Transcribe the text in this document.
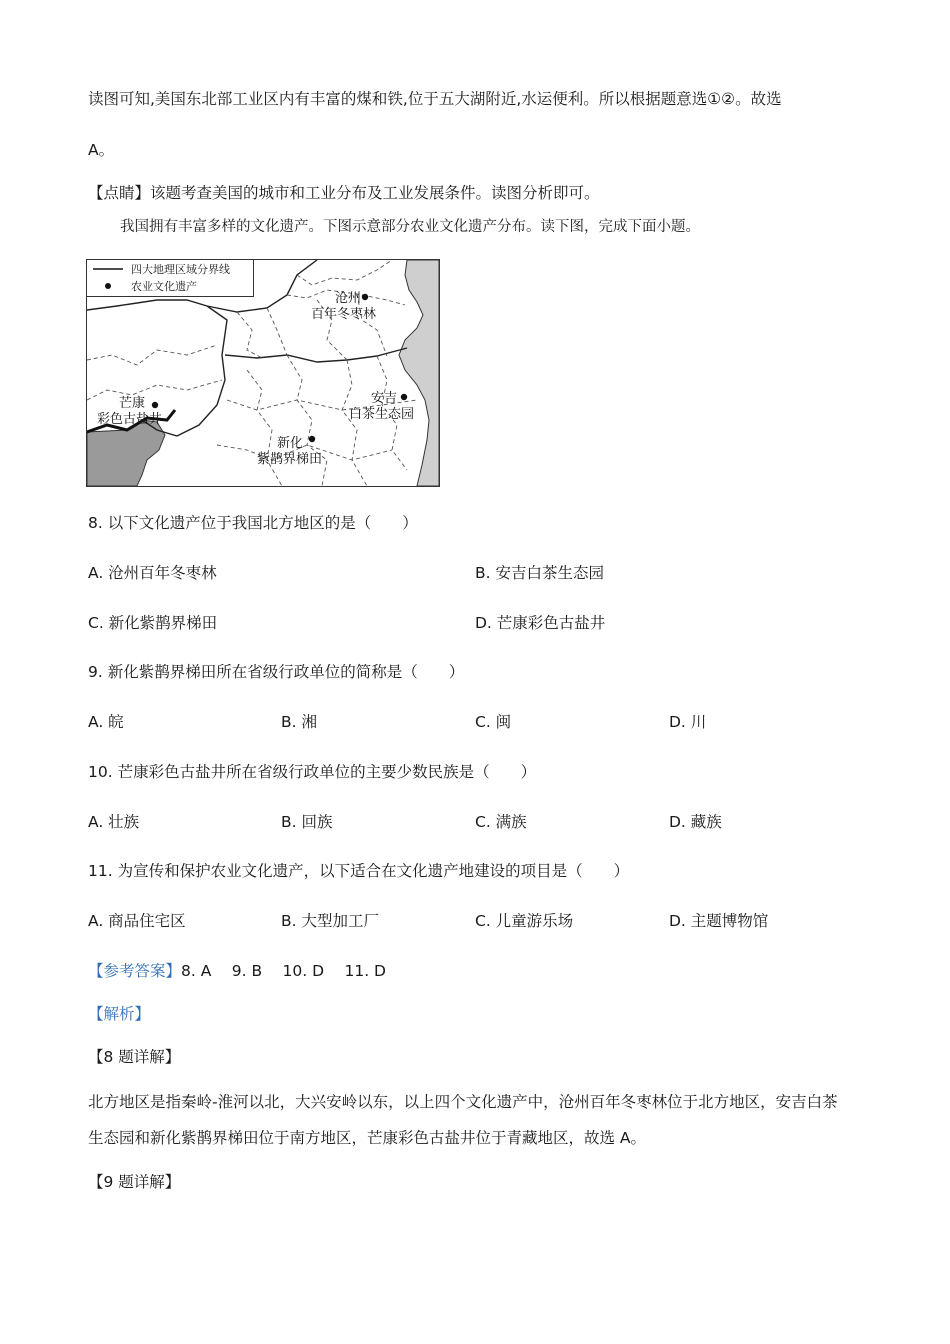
读图可知,美国东北部工业区内有丰富的煤和铁,位于五大湖附近,水运便利。所以根据题意选①②。故选
A。
【点睛】该题考查美国的城市和工业分布及工业发展条件。读图分析即可。
我国拥有丰富多样的文化遗产。下图示意部分农业文化遗产分布。读下图，完成下面小题。
四大地理区域分界线
农业文化遗产
沧州
百年冬枣林
安吉
白茶生态园
芒康
彩色古盐井
新化
紫鹊界梯田
8. 以下文化遗产位于我国北方地区的是（　　）
A. 沧州百年冬枣林	B. 安吉白茶生态园
C. 新化紫鹊界梯田	D. 芒康彩色古盐井
9. 新化紫鹊界梯田所在省级行政单位的简称是（　　）
A. 皖	B. 湘	C. 闽	D. 川
10. 芒康彩色古盐井所在省级行政单位的主要少数民族是（　　）
A. 壮族	B. 回族	C. 满族	D. 藏族
11. 为宣传和保护农业文化遗产，以下适合在文化遗产地建设的项目是（　　）
A. 商品住宅区	B. 大型加工厂	C. 儿童游乐场	D. 主题博物馆
【参考答案】8. A　 9. B　 10. D　 11. D
【解析】
【8 题详解】
北方地区是指秦岭-淮河以北，大兴安岭以东，以上四个文化遗产中，沧州百年冬枣林位于北方地区，安吉白茶
生态园和新化紫鹊界梯田位于南方地区，芒康彩色古盐井位于青藏地区，故选 A。
【9 题详解】
